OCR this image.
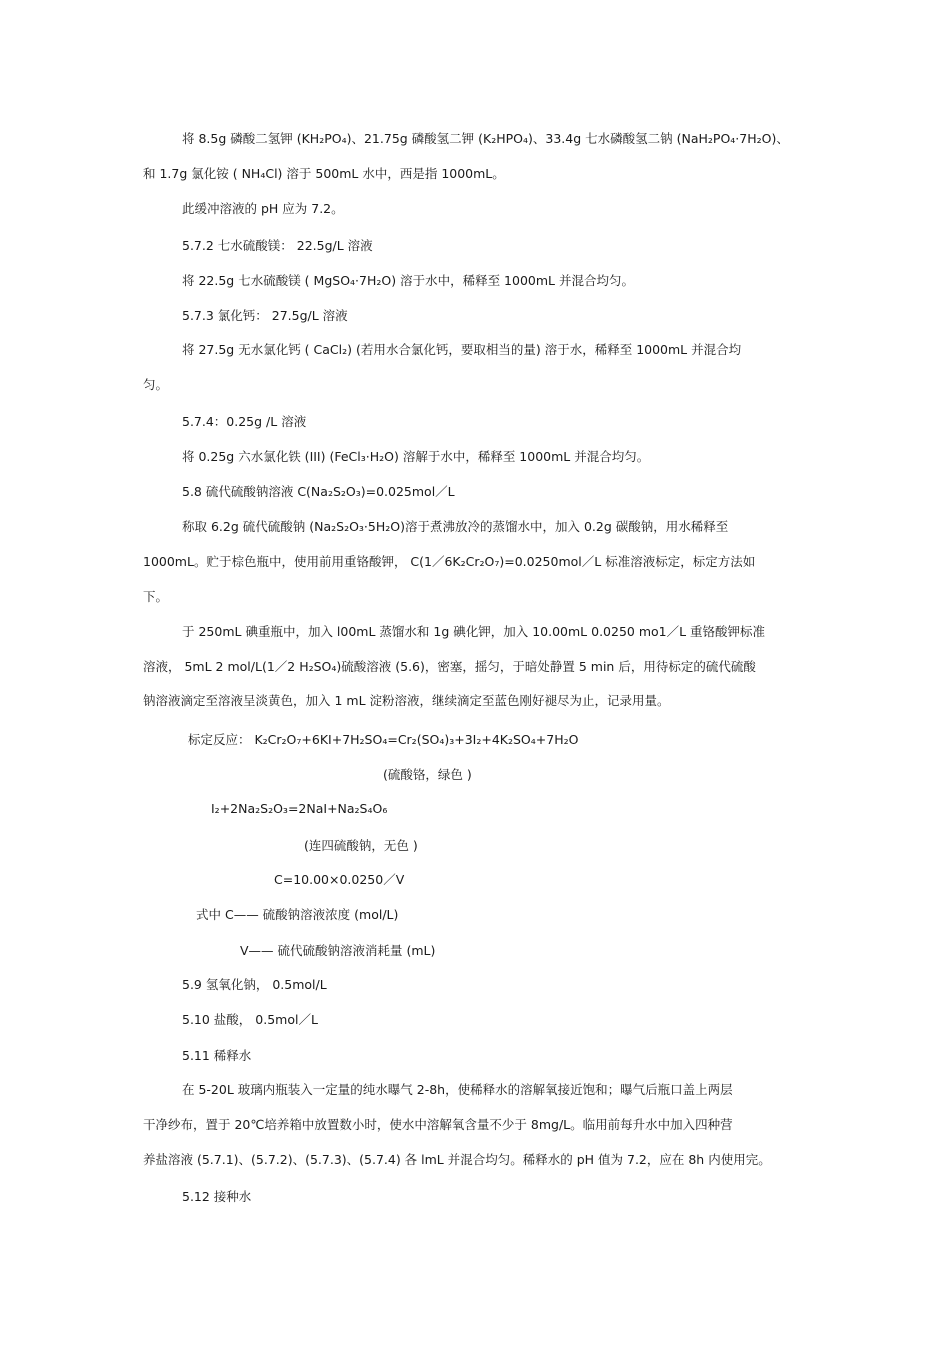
将 8.5g 磷酸二氢钾 (KH₂PO₄)、21.75g 磷酸氢二钾 (K₂HPO₄)、33.4g 七水磷酸氢二钠 (NaH₂PO₄·7H₂O)、
和 1.7g 氯化铵 ( NH₄Cl) 溶于 500mL 水中，西是指 1000mL。
此缓冲溶液的 pH 应为 7.2。
5.7.2 七水硫酸镁： 22.5g/L 溶液
将 22.5g 七水硫酸镁 ( MgSO₄·7H₂O) 溶于水中，稀释至 1000mL 并混合均匀。
5.7.3 氯化钙： 27.5g/L 溶液
将 27.5g 无水氯化钙 ( CaCl₂) (若用水合氯化钙，要取相当的量) 溶于水，稀释至 1000mL 并混合均
匀。
5.7.4：0.25g /L 溶液
将 0.25g 六水氯化铁 (III) (FeCl₃·H₂O) 溶解于水中，稀释至 1000mL 并混合均匀。
5.8 硫代硫酸钠溶液 C(Na₂S₂O₃)=0.025mol／L
称取 6.2g 硫代硫酸钠 (Na₂S₂O₃·5H₂O)溶于煮沸放冷的蒸馏水中，加入 0.2g 碳酸钠，用水稀释至
1000mL。贮于棕色瓶中，使用前用重铬酸钾， C(1／6K₂Cr₂O₇)=0.0250mol／L 标准溶液标定，标定方法如
下。
于 250mL 碘重瓶中，加入 l00mL 蒸馏水和 1g 碘化钾，加入 10.00mL 0.0250 mo1／L 重铬酸钾标准
溶液， 5mL 2 mol/L(1／2 H₂SO₄)硫酸溶液 (5.6)，密塞，摇匀，于暗处静置 5 min 后，用待标定的硫代硫酸
钠溶液滴定至溶液呈淡黄色，加入 1 mL 淀粉溶液，继续滴定至蓝色刚好褪尽为止，记录用量。
标定反应： K₂Cr₂O₇+6KI+7H₂SO₄=Cr₂(SO₄)₃+3I₂+4K₂SO₄+7H₂O
(硫酸铬，绿色 )
I₂+2Na₂S₂O₃=2NaI+Na₂S₄O₆
(连四硫酸钠，无色 )
C=10.00×0.0250／V
式中 C—— 硫酸钠溶液浓度 (mol/L)
V—— 硫代硫酸钠溶液消耗量 (mL)
5.9 氢氧化钠， 0.5mol/L
5.10 盐酸， 0.5mol／L
5.11 稀释水
在 5-20L 玻璃内瓶装入一定量的纯水曝气 2-8h，使稀释水的溶解氧接近饱和；曝气后瓶口盖上两层
干净纱布，置于 20℃培养箱中放置数小时，使水中溶解氧含量不少于 8mg/L。临用前每升水中加入四种营
养盐溶液 (5.7.1)、(5.7.2)、(5.7.3)、(5.7.4) 各 lmL 并混合均匀。稀释水的 pH 值为 7.2，应在 8h 内使用完。
5.12 接种水
